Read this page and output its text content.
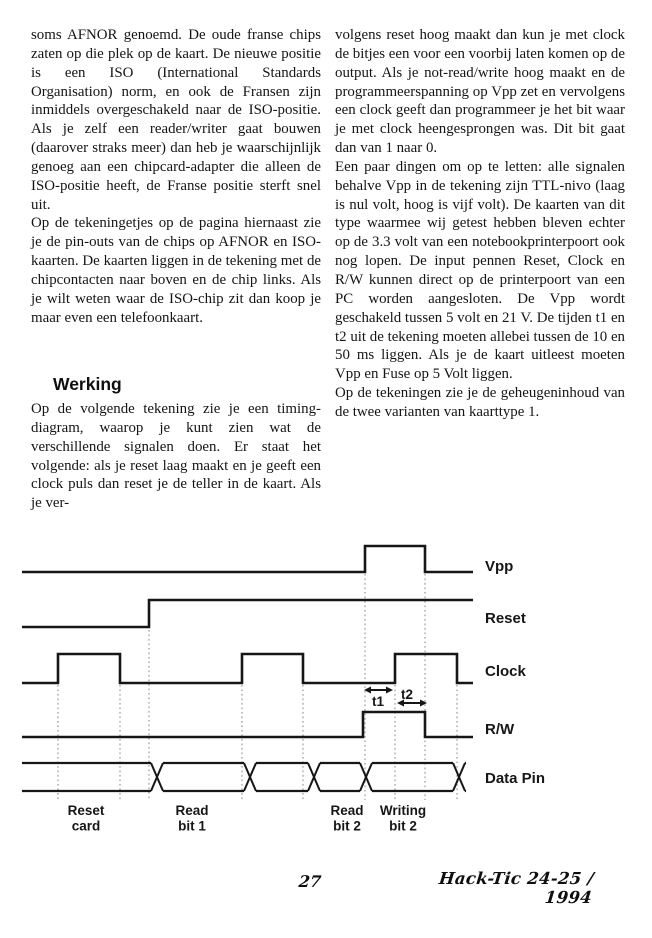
soms AFNOR genoemd. De oude franse chips zaten op die plek op de kaart. De nieuwe positie is een ISO (International Standards Organisation) norm, en ook de Fransen zijn inmiddels overgeschakeld naar de ISO-positie. Als je zelf een reader/writer gaat bouwen (daarover straks meer) dan heb je waarschijnlijk genoeg aan een chipcard-adapter die alleen de ISO-positie heeft, de Franse positie sterft snel uit.

Op de tekeningetjes op de pagina hiernaast zie je de pin-outs van de chips op AFNOR en ISO-kaarten. De kaarten liggen in de tekening met de chipcontacten naar boven en de chip links. Als je wilt weten waar de ISO-chip zit dan koop je maar even een telefoonkaart.

Werking

Op de volgende tekening zie je een timing-diagram, waarop je kunt zien wat de verschillende signalen doen. Er staat het volgende: als je reset laag maakt en je geeft een clock puls dan reset je de teller in de kaart. Als je ver-

volgens reset hoog maakt dan kun je met clock de bitjes een voor een voorbij laten komen op de output. Als je not-read/write hoog maakt en de programmeerspanning op Vpp zet en vervolgens een clock geeft dan programmeer je het bit waar je met clock heengesprongen was. Dit bit gaat dan van 1 naar 0.

Een paar dingen om op te letten: alle signalen behalve Vpp in de tekening zijn TTL-nivo (laag is nul volt, hoog is vijf volt). De kaarten van dit type waarmee wij getest hebben bleven echter op de 3.3 volt van een notebookprinterpoort ook nog lopen. De input pennen Reset, Clock en R/W kunnen direct op de printerpoort van een PC worden aangesloten. De Vpp wordt geschakeld tussen 5 volt en 21 V. De tijden t1 en t2 uit de tekening moeten allebei tussen de 10 en 50 ms liggen. Als je de kaart uitleest moeten Vpp en Fuse op 5 Volt liggen.

Op de tekeningen zie je de geheugeninhoud van de twee varianten van kaarttype 1.

Vpp
Reset
Clock
R/W
Data Pin
t1 t2
Reset
card
Read
bit 1
Read
bit 2
Writing
bit 2
27	Hack-Tic 24-25 / 1994
